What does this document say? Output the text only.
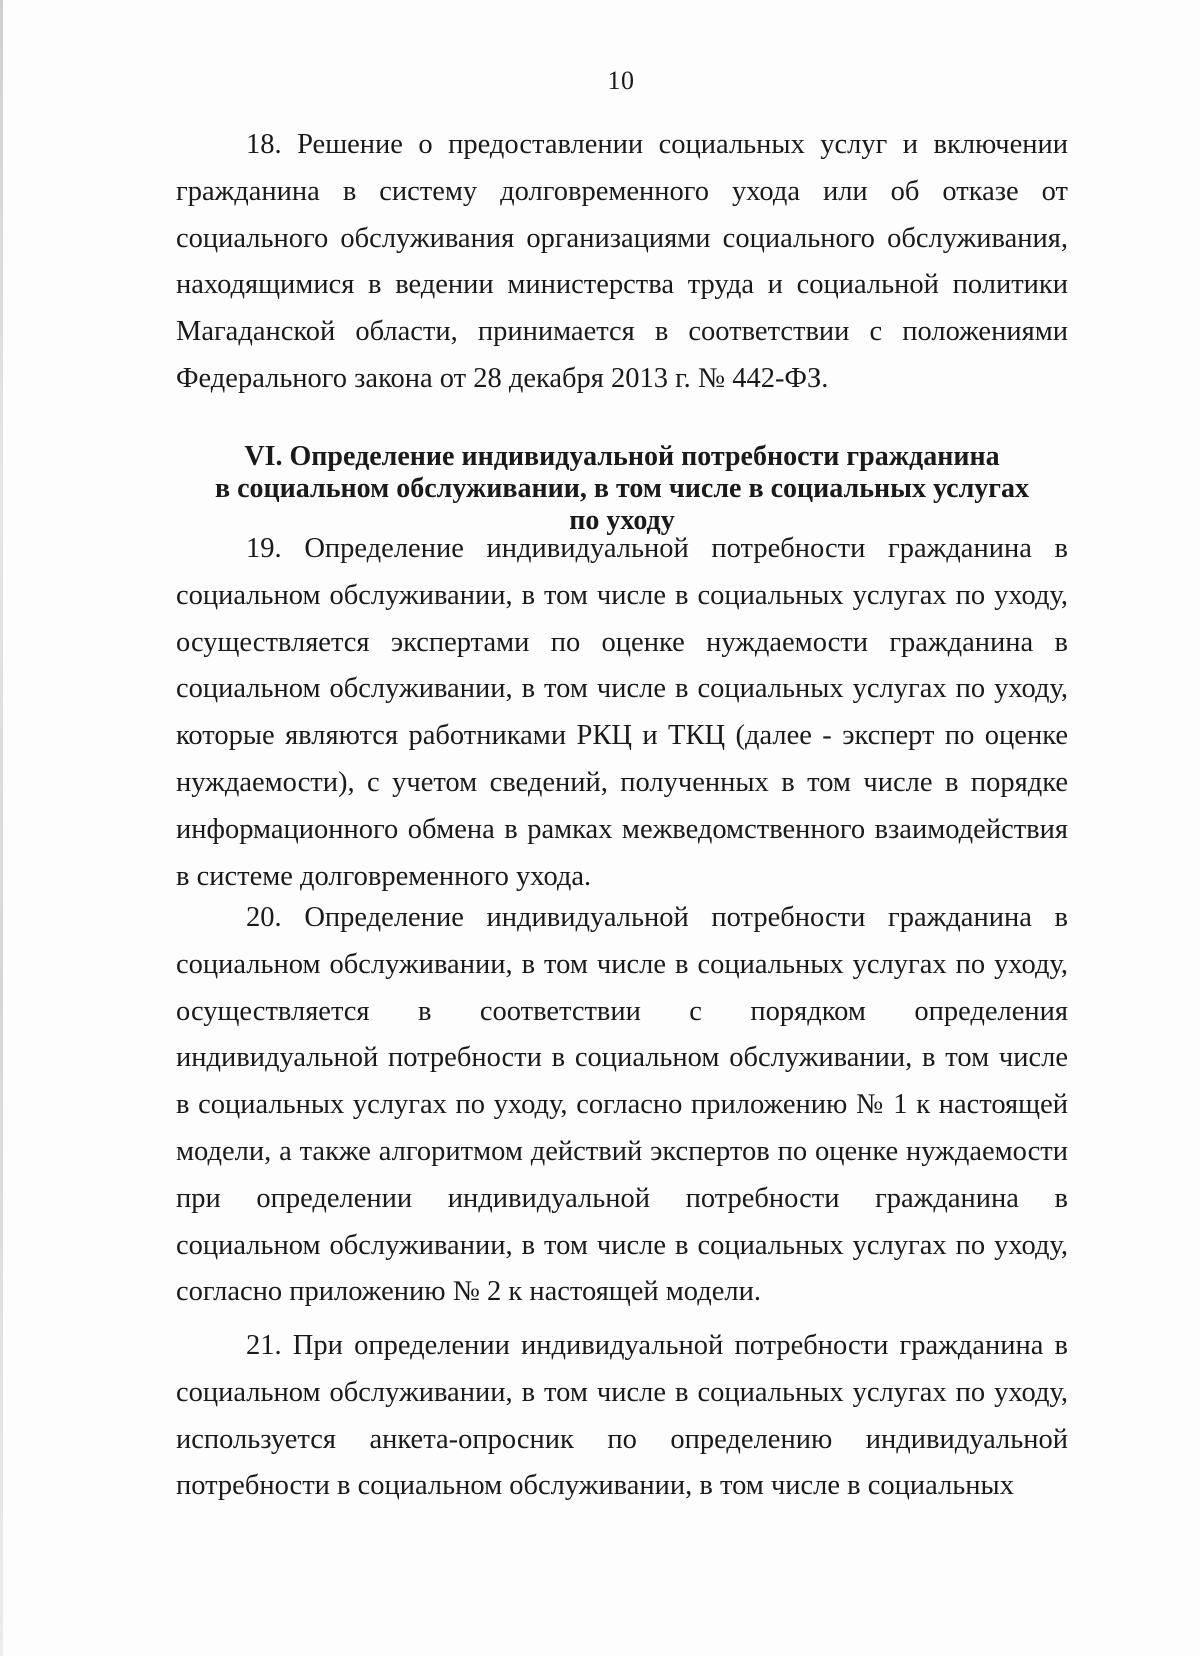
10

18. Решение о предоставлении социальных услуг и включении гражданина в систему долговременного ухода или об отказе от социального обслуживания организациями социального обслуживания, находящимися в ведении министерства труда и социальной политики Магаданской области, принимается в соответствии с положениями Федерального закона от 28 декабря 2013 г. № 442-ФЗ.

VI. Определение индивидуальной потребности гражданина
в социальном обслуживании, в том числе в социальных услугах
по уходу

19. Определение индивидуальной потребности гражданина в социальном обслуживании, в том числе в социальных услугах по уходу, осуществляется экспертами по оценке нуждаемости гражданина в социальном обслуживании, в том числе в социальных услугах по уходу, которые являются работниками РКЦ и ТКЦ (далее - эксперт по оценке нуждаемости), с учетом сведений, полученных в том числе в порядке информационного обмена в рамках межведомственного взаимодействия в системе долговременного ухода.

20. Определение индивидуальной потребности гражданина в социальном обслуживании, в том числе в социальных услугах по уходу, осуществляется в соответствии с порядком определения индивидуальной потребности в социальном обслуживании, в том числе в социальных услугах по уходу, согласно приложению № 1 к настоящей модели, а также алгоритмом действий экспертов по оценке нуждаемости при определении индивидуальной потребности гражданина в социальном обслуживании, в том числе в социальных услугах по уходу, согласно приложению № 2 к настоящей модели.

21. При определении индивидуальной потребности гражданина в социальном обслуживании, в том числе в социальных услугах по уходу, используется анкета-опросник по определению индивидуальной потребности в социальном обслуживании, в том числе в социальных
